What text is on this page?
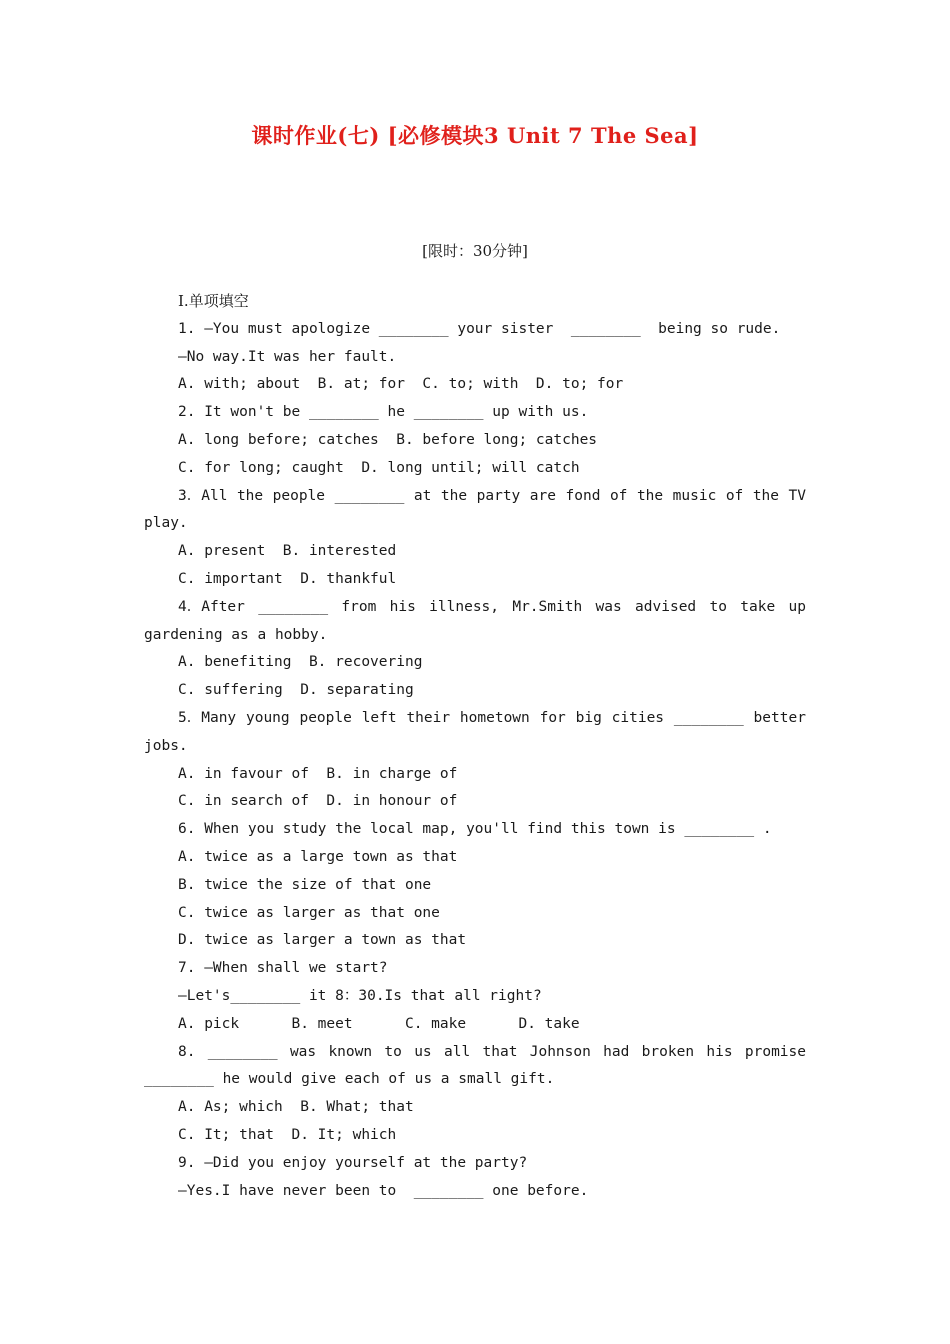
课时作业(七) [必修模块3 Unit 7 The Sea]
[限时：30分钟]
Ⅰ.单项填空
1. —You must apologize ________ your sister  ________  being so rude.
—No way.It was her fault.
A. with; about  B. at; for  C. to; with  D. to; for
2. It won't be ________ he ________ up with us.
A. long before; catches  B. before long; catches
C. for long; caught  D. long until; will catch
3．All the people ________ at the party are fond of the music of the TV
play.
A. present  B. interested
C. important  D. thankful
4．After ________ from his illness, Mr.Smith was advised to take up
gardening as a hobby.
A. benefiting  B. recovering
C. suffering  D. separating
5．Many young people left their hometown for big cities ________ better
jobs.
A. in favour of  B. in charge of
C. in search of  D. in honour of
6. When you study the local map, you'll find this town is ________ .
A. twice as a large town as that
B. twice the size of that one
C. twice as larger as that one
D. twice as larger a town as that
7. —When shall we start?
—Let's________ it 8：30.Is that all right?
A. pick      B. meet      C. make      D. take
8. ________ was known to us all that Johnson had broken his promise
________ he would give each of us a small gift.
A. As; which  B. What; that
C. It; that  D. It; which
9. —Did you enjoy yourself at the party?
—Yes.I have never been to  ________ one before.
